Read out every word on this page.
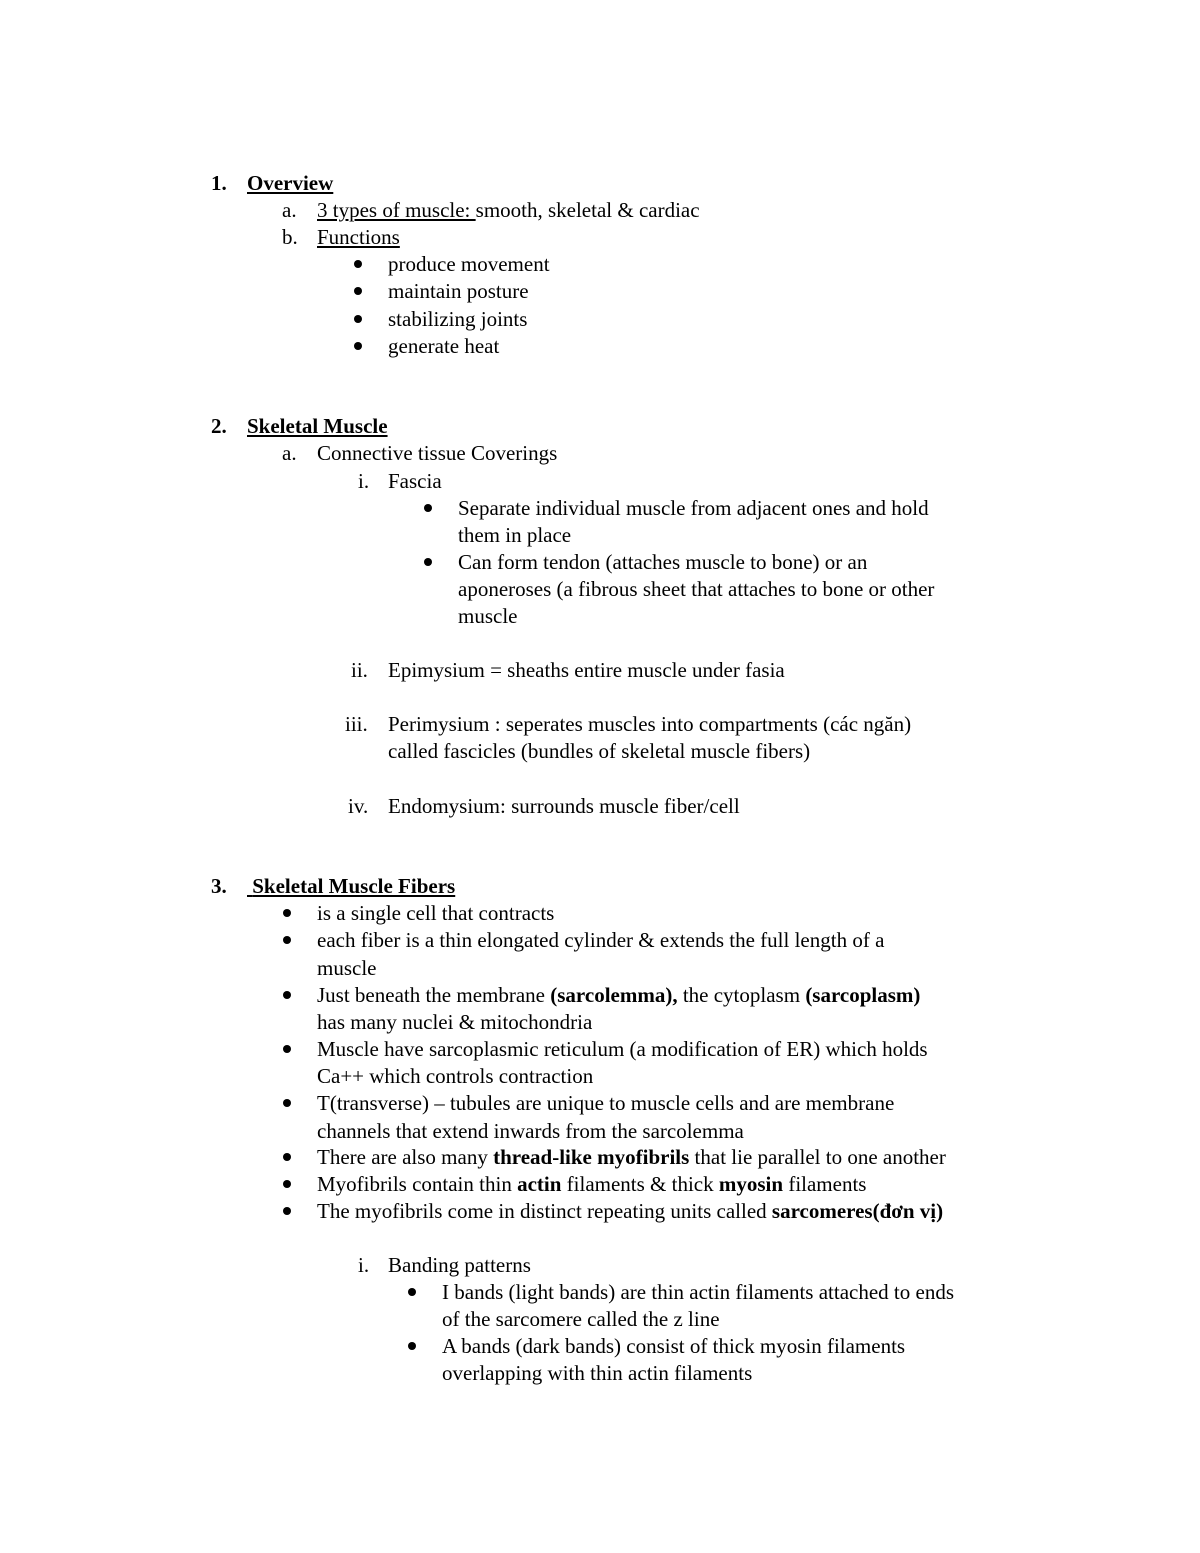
1. Overview
a. 3 types of muscle: smooth, skeletal & cardiac
b. Functions
produce movement
maintain posture
stabilizing joints
generate heat
2. Skeletal Muscle
a. Connective tissue Coverings
i. Fascia
Separate individual muscle from adjacent ones and hold
them in place
Can form tendon (attaches muscle to bone) or an
aponeroses (a fibrous sheet that attaches to bone or other
muscle
ii. Epimysium = sheaths entire muscle under fasia
iii. Perimysium : seperates muscles into compartments (các ngăn)
called fascicles (bundles of skeletal muscle fibers)
iv. Endomysium: surrounds muscle fiber/cell
3. Skeletal Muscle Fibers
is a single cell that contracts
each fiber is a thin elongated cylinder & extends the full length of a
muscle
Just beneath the membrane (sarcolemma), the cytoplasm (sarcoplasm)
has many nuclei & mitochondria
Muscle have sarcoplasmic reticulum (a modification of ER) which holds
Ca++ which controls contraction
T(transverse) – tubules are unique to muscle cells and are membrane
channels that extend inwards from the sarcolemma
There are also many thread-like myofibrils that lie parallel to one another
Myofibrils contain thin actin filaments & thick myosin filaments
The myofibrils come in distinct repeating units called sarcomeres(đơn vị)
i. Banding patterns
I bands (light bands) are thin actin filaments attached to ends
of the sarcomere called the z line
A bands (dark bands) consist of thick myosin filaments
overlapping with thin actin filaments
